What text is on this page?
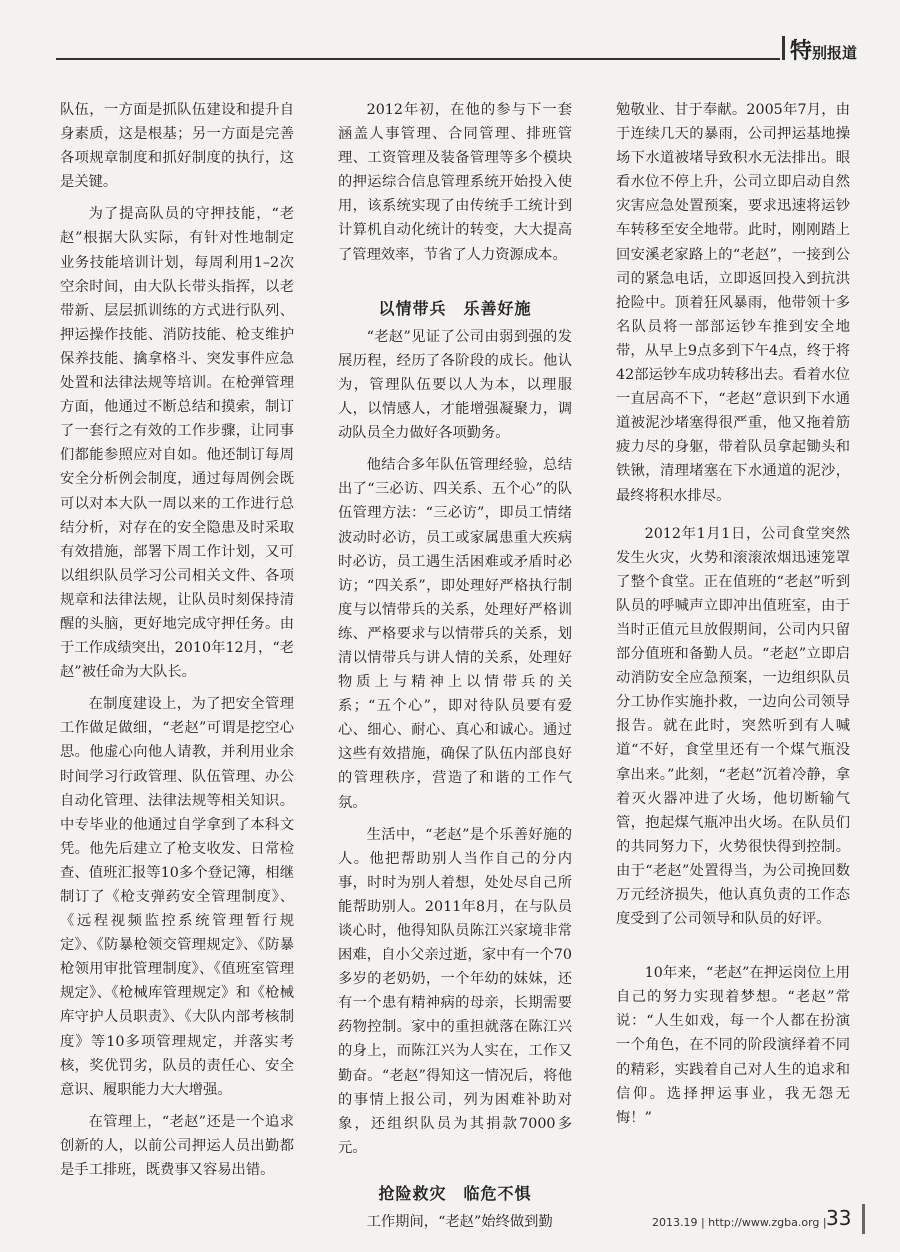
特别报道

队伍，一方面是抓队伍建设和提升自身素质，这是根基；另一方面是完善各项规章制度和抓好制度的执行，这是关键。

为了提高队员的守押技能，“老赵”根据大队实际，有针对性地制定业务技能培训计划，每周利用1–2次空余时间，由大队长带头指挥，以老带新、层层抓训练的方式进行队列、押运操作技能、消防技能、枪支维护保养技能、擒拿格斗、突发事件应急处置和法律法规等培训。在枪弹管理方面，他通过不断总结和摸索，制订了一套行之有效的工作步骤，让同事们都能参照应对自如。他还制订每周安全分析例会制度，通过每周例会既可以对本大队一周以来的工作进行总结分析，对存在的安全隐患及时采取有效措施，部署下周工作计划，又可以组织队员学习公司相关文件、各项规章和法律法规，让队员时刻保持清醒的头脑，更好地完成守押任务。由于工作成绩突出，2010年12月，“老赵”被任命为大队长。

在制度建设上，为了把安全管理工作做足做细，“老赵”可谓是挖空心思。他虚心向他人请教，并利用业余时间学习行政管理、队伍管理、办公自动化管理、法律法规等相关知识。中专毕业的他通过自学拿到了本科文凭。他先后建立了枪支收发、日常检查、值班汇报等10多个登记簿，相继制订了《枪支弹药安全管理制度》、《远程视频监控系统管理暂行规定》、《防暴枪领交管理规定》、《防暴枪领用审批管理制度》、《值班室管理规定》、《枪械库管理规定》和《枪械库守护人员职责》、《大队内部考核制度》等10多项管理规定，并落实考核，奖优罚劣，队员的责任心、安全意识、履职能力大大增强。

在管理上，“老赵”还是一个追求创新的人，以前公司押运人员出勤都是手工排班，既费事又容易出错。

2012年初，在他的参与下一套涵盖人事管理、合同管理、排班管理、工资管理及装备管理等多个模块的押运综合信息管理系统开始投入使用，该系统实现了由传统手工统计到计算机自动化统计的转变，大大提高了管理效率，节省了人力资源成本。

以情带兵　乐善好施

“老赵”见证了公司由弱到强的发展历程，经历了各阶段的成长。他认为，管理队伍要以人为本，以理服人，以情感人，才能增强凝聚力，调动队员全力做好各项勤务。

他结合多年队伍管理经验，总结出了“三必访、四关系、五个心”的队伍管理方法：“三必访”，即员工情绪波动时必访，员工或家属患重大疾病时必访，员工遇生活困难或矛盾时必访；“四关系”，即处理好严格执行制度与以情带兵的关系，处理好严格训练、严格要求与以情带兵的关系，划清以情带兵与讲人情的关系，处理好物质上与精神上以情带兵的关系；“五个心”，即对待队员要有爱心、细心、耐心、真心和诚心。通过这些有效措施，确保了队伍内部良好的管理秩序，营造了和谐的工作气氛。

生活中，“老赵”是个乐善好施的人。他把帮助别人当作自己的分内事，时时为别人着想，处处尽自己所能帮助别人。2011年8月，在与队员谈心时，他得知队员陈江兴家境非常困难，自小父亲过逝，家中有一个70多岁的老奶奶，一个年幼的妹妹，还有一个患有精神病的母亲，长期需要药物控制。家中的重担就落在陈江兴的身上，而陈江兴为人实在，工作又勤奋。“老赵”得知这一情况后，将他的事情上报公司，列为困难补助对象，还组织队员为其捐款7000多元。

抢险救灾　临危不惧

工作期间，“老赵”始终做到勤

勉敬业、甘于奉献。2005年7月，由于连续几天的暴雨，公司押运基地操场下水道被堵导致积水无法排出。眼看水位不停上升，公司立即启动自然灾害应急处置预案，要求迅速将运钞车转移至安全地带。此时，刚刚踏上回安溪老家路上的“老赵”，一接到公司的紧急电话，立即返回投入到抗洪抢险中。顶着狂风暴雨，他带领十多名队员将一部部运钞车推到安全地带，从早上9点多到下午4点，终于将42部运钞车成功转移出去。看着水位一直居高不下，“老赵”意识到下水通道被泥沙堵塞得很严重，他又拖着筋疲力尽的身躯，带着队员拿起锄头和铁锹，清理堵塞在下水通道的泥沙，最终将积水排尽。

2012年1月1日，公司食堂突然发生火灾，火势和滚滚浓烟迅速笼罩了整个食堂。正在值班的“老赵”听到队员的呼喊声立即冲出值班室，由于当时正值元旦放假期间，公司内只留部分值班和备勤人员。“老赵”立即启动消防安全应急预案，一边组织队员分工协作实施扑救，一边向公司领导报告。就在此时，突然听到有人喊道“不好，食堂里还有一个煤气瓶没拿出来。”此刻，“老赵”沉着冷静，拿着灭火器冲进了火场，他切断输气管，抱起煤气瓶冲出火场。在队员们的共同努力下，火势很快得到控制。由于“老赵”处置得当，为公司挽回数万元经济损失，他认真负责的工作态度受到了公司领导和队员的好评。

10年来，“老赵”在押运岗位上用自己的努力实现着梦想。“老赵”常说：“人生如戏，每一个人都在扮演一个角色，在不同的阶段演绎着不同的精彩，实践着自己对人生的追求和信仰。选择押运事业，我无怨无悔！”

2013.19 | http://www.zgba.org | 33
